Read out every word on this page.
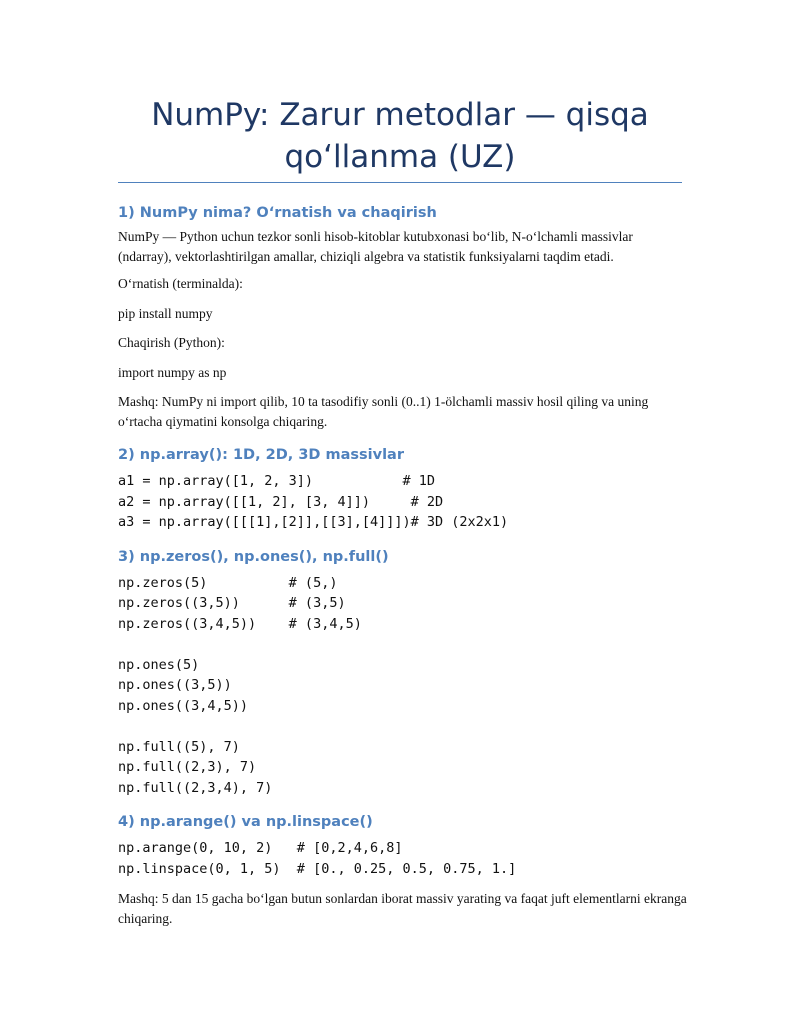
NumPy: Zarur metodlar — qisqa
qo‘llanma (UZ)
1) NumPy nima? O‘rnatish va chaqirish

NumPy — Python uchun tezkor sonli hisob-kitoblar kutubxonasi bo‘lib, N-o‘lchamli massivlar (ndarray), vektorlashtirilgan amallar, chiziqli algebra va statistik funksiyalarni taqdim etadi.

O‘rnatish (terminalda):

pip install numpy

Chaqirish (Python):

import numpy as np

Mashq: NumPy ni import qilib, 10 ta tasodifiy sonli (0..1) 1-ölchamli massiv hosil qiling va uning o‘rtacha qiymatini konsolga chiqaring.

2) np.array(): 1D, 2D, 3D massivlar
a1 = np.array([1, 2, 3])           # 1D
a2 = np.array([[1, 2], [3, 4]])     # 2D
a3 = np.array([[[1],[2]],[[3],[4]]])# 3D (2x2x1)
3) np.zeros(), np.ones(), np.full()
np.zeros(5)          # (5,)
np.zeros((3,5))      # (3,5)
np.zeros((3,4,5))    # (3,4,5)

np.ones(5)
np.ones((3,5))
np.ones((3,4,5))

np.full((5), 7)
np.full((2,3), 7)
np.full((2,3,4), 7)
4) np.arange() va np.linspace()
np.arange(0, 10, 2)   # [0,2,4,6,8]
np.linspace(0, 1, 5)  # [0., 0.25, 0.5, 0.75, 1.]

Mashq: 5 dan 15 gacha bo‘lgan butun sonlardan iborat massiv yarating va faqat juft elementlarni ekranga chiqaring.
